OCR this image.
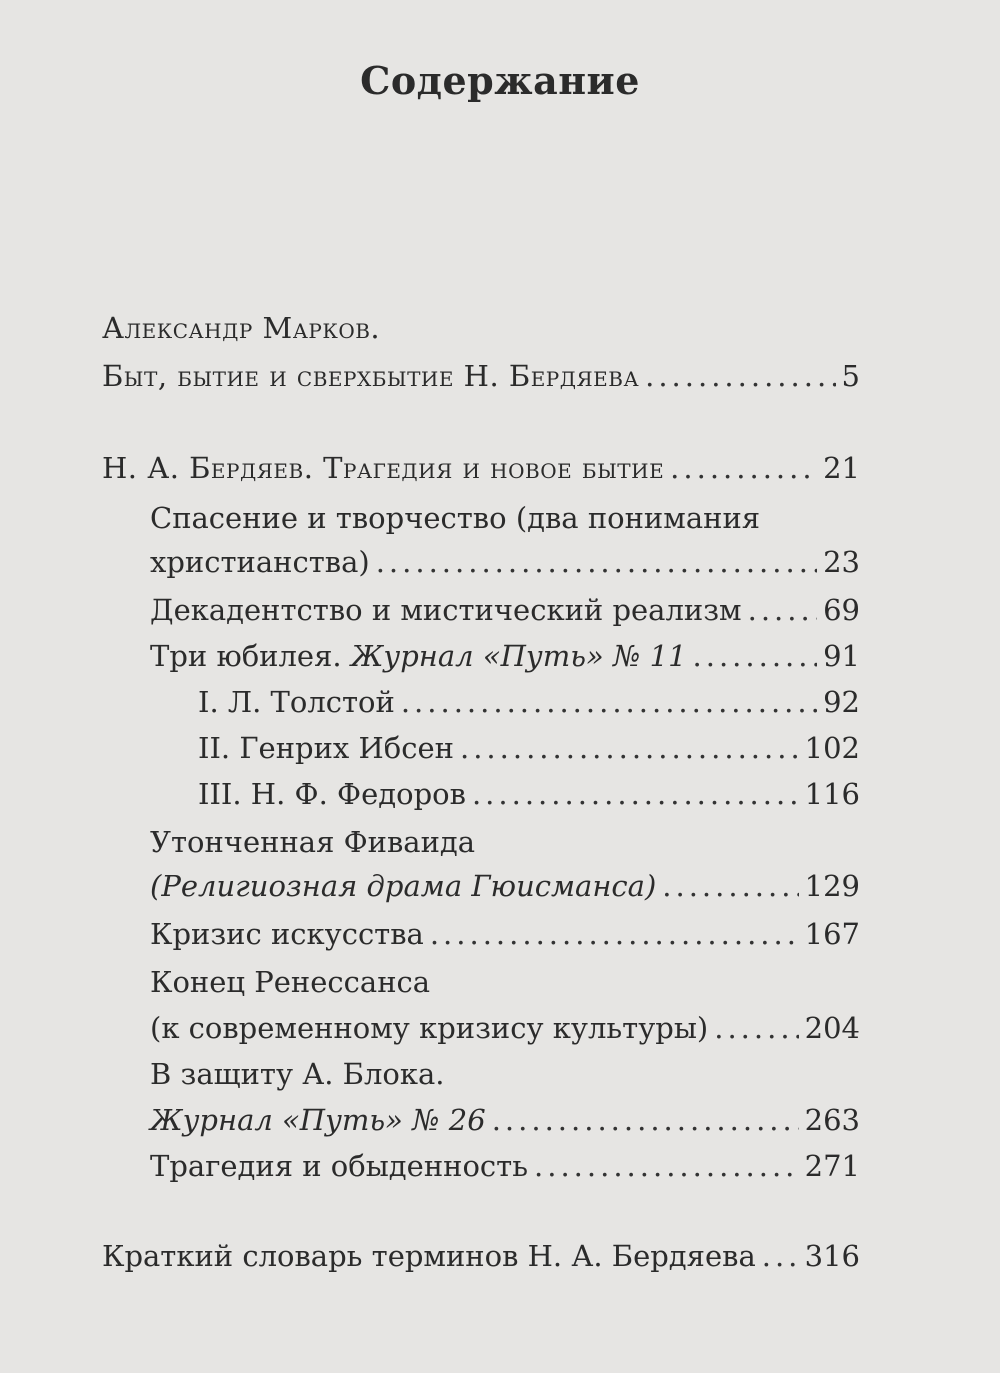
Содержание
Александр Марков.
Быт, бытие и сверхбытие Н. Бердяева .....	5
Н. А. Бердяев. Трагедия и новое бытие .....	21
Спасение и творчество (два понимания
христианства) .....	23
Декадентство и мистический реализм .....	69
Три юбилея. Журнал «Путь» № 11 .....	91
I. Л. Толстой .....	92
II. Генрих Ибсен .....	102
III. Н. Ф. Федоров .....	116
Утонченная Фиваида
(Религиозная драма Гюисманса) .....	129
Кризис искусства .....	167
Конец Ренессанса
(к современному кризису культуры) .....	204
В защиту А. Блока.
Журнал «Путь» № 26 .....	263
Трагедия и обыденность .....	271
Краткий словарь терминов Н. А. Бердяева ..... 316
